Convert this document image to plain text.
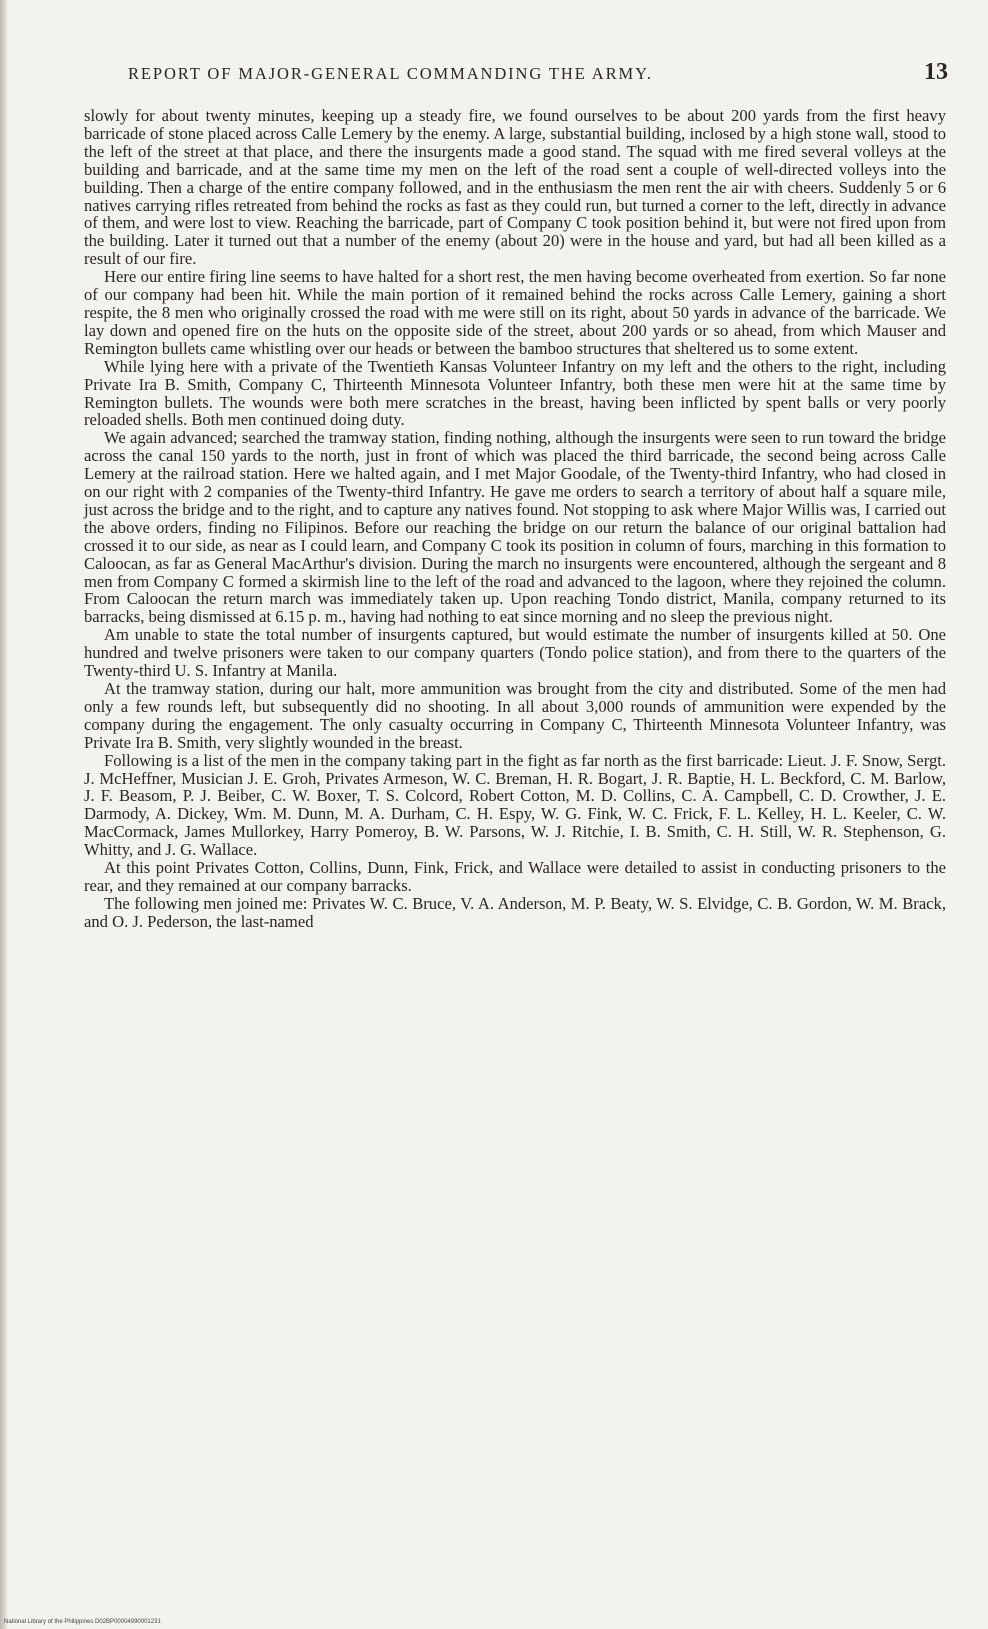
REPORT OF MAJOR-GENERAL COMMANDING THE ARMY.	13

slowly for about twenty minutes, keeping up a steady fire, we found ourselves to be about 200 yards from the first heavy barricade of stone placed across Calle Lemery by the enemy. A large, substantial building, inclosed by a high stone wall, stood to the left of the street at that place, and there the insurgents made a good stand. The squad with me fired several volleys at the building and barricade, and at the same time my men on the left of the road sent a couple of well-directed volleys into the building. Then a charge of the entire company followed, and in the enthusiasm the men rent the air with cheers. Suddenly 5 or 6 natives carrying rifles retreated from behind the rocks as fast as they could run, but turned a corner to the left, directly in advance of them, and were lost to view. Reaching the barricade, part of Company C took position behind it, but were not fired upon from the building. Later it turned out that a number of the enemy (about 20) were in the house and yard, but had all been killed as a result of our fire.

Here our entire firing line seems to have halted for a short rest, the men having become overheated from exertion. So far none of our company had been hit. While the main portion of it remained behind the rocks across Calle Lemery, gaining a short respite, the 8 men who originally crossed the road with me were still on its right, about 50 yards in advance of the barricade. We lay down and opened fire on the huts on the opposite side of the street, about 200 yards or so ahead, from which Mauser and Remington bullets came whistling over our heads or between the bamboo structures that sheltered us to some extent.

While lying here with a private of the Twentieth Kansas Volunteer Infantry on my left and the others to the right, including Private Ira B. Smith, Company C, Thirteenth Minnesota Volunteer Infantry, both these men were hit at the same time by Remington bullets. The wounds were both mere scratches in the breast, having been inflicted by spent balls or very poorly reloaded shells. Both men continued doing duty.

We again advanced; searched the tramway station, finding nothing, although the insurgents were seen to run toward the bridge across the canal 150 yards to the north, just in front of which was placed the third barricade, the second being across Calle Lemery at the railroad station. Here we halted again, and I met Major Goodale, of the Twenty-third Infantry, who had closed in on our right with 2 companies of the Twenty-third Infantry. He gave me orders to search a territory of about half a square mile, just across the bridge and to the right, and to capture any natives found. Not stopping to ask where Major Willis was, I carried out the above orders, finding no Filipinos. Before our reaching the bridge on our return the balance of our original battalion had crossed it to our side, as near as I could learn, and Company C took its position in column of fours, marching in this formation to Caloocan, as far as General MacArthur's division. During the march no insurgents were encountered, although the sergeant and 8 men from Company C formed a skirmish line to the left of the road and advanced to the lagoon, where they rejoined the column. From Caloocan the return march was immediately taken up. Upon reaching Tondo district, Manila, company returned to its barracks, being dismissed at 6.15 p. m., having had nothing to eat since morning and no sleep the previous night.

Am unable to state the total number of insurgents captured, but would estimate the number of insurgents killed at 50. One hundred and twelve prisoners were taken to our company quarters (Tondo police station), and from there to the quarters of the Twenty-third U. S. Infantry at Manila.

At the tramway station, during our halt, more ammunition was brought from the city and distributed. Some of the men had only a few rounds left, but subsequently did no shooting. In all about 3,000 rounds of ammunition were expended by the company during the engagement. The only casualty occurring in Company C, Thirteenth Minnesota Volunteer Infantry, was Private Ira B. Smith, very slightly wounded in the breast.

Following is a list of the men in the company taking part in the fight as far north as the first barricade: Lieut. J. F. Snow, Sergt. J. McHeffner, Musician J. E. Groh, Privates Armeson, W. C. Breman, H. R. Bogart, J. R. Baptie, H. L. Beckford, C. M. Barlow, J. F. Beasom, P. J. Beiber, C. W. Boxer, T. S. Colcord, Robert Cotton, M. D. Collins, C. A. Campbell, C. D. Crowther, J. E. Darmody, A. Dickey, Wm. M. Dunn, M. A. Durham, C. H. Espy, W. G. Fink, W. C. Frick, F. L. Kelley, H. L. Keeler, C. W. MacCormack, James Mullorkey, Harry Pomeroy, B. W. Parsons, W. J. Ritchie, I. B. Smith, C. H. Still, W. R. Stephenson, G. Whitty, and J. G. Wallace.

At this point Privates Cotton, Collins, Dunn, Fink, Frick, and Wallace were detailed to assist in conducting prisoners to the rear, and they remained at our company barracks.

The following men joined me: Privates W. C. Bruce, V. A. Anderson, M. P. Beaty, W. S. Elvidge, C. B. Gordon, W. M. Brack, and O. J. Pederson, the last-named

National Library of the Philippines D02BP00004990001231
